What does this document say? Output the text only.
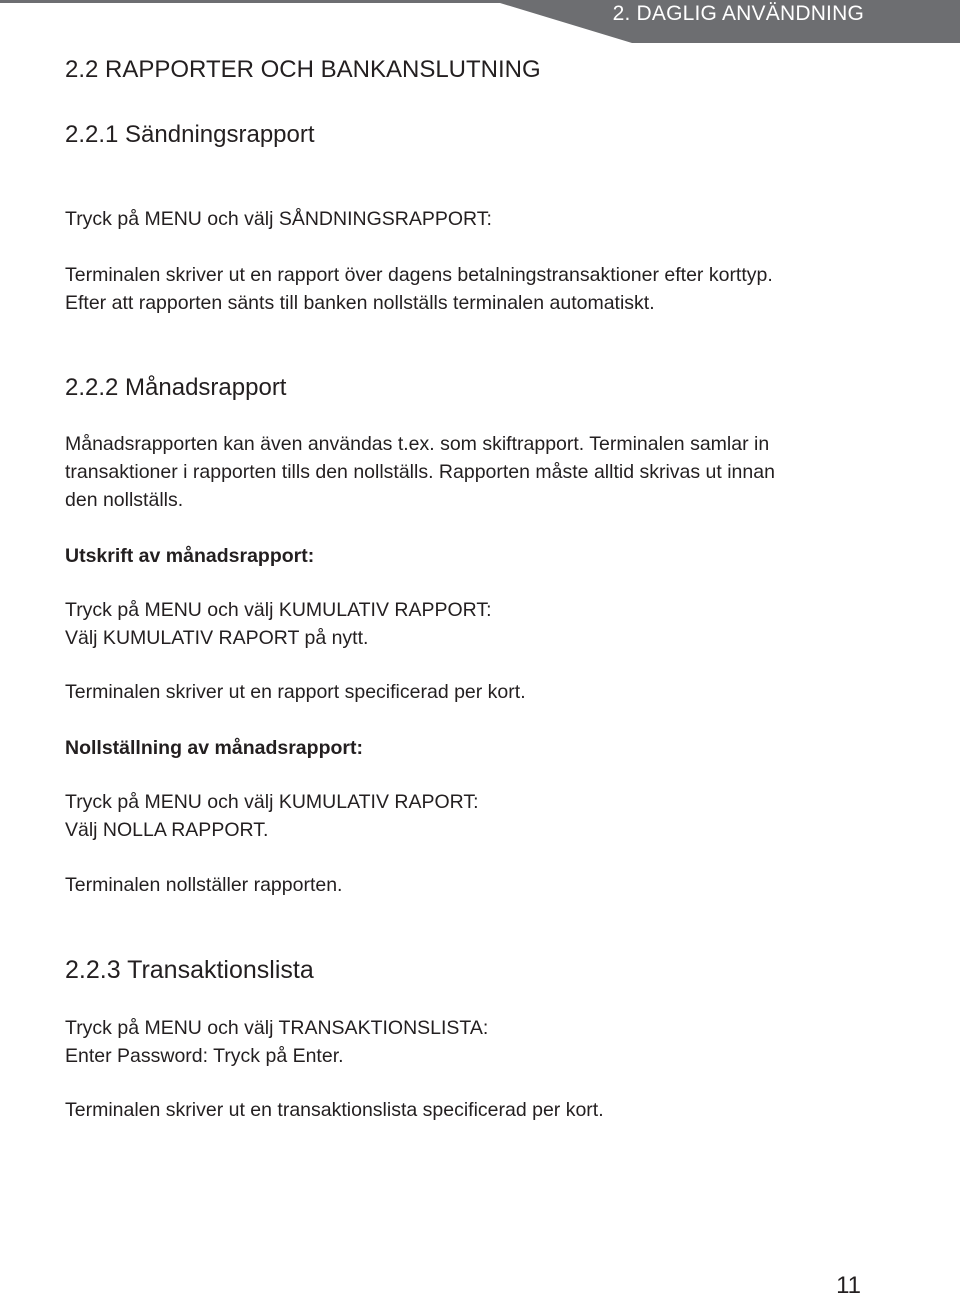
2. DAGLIG ANVÄNDNING
2.2 RAPPORTER OCH BANKANSLUTNING
2.2.1 Sändningsrapport
Tryck på MENU och välj SÅNDNINGSRAPPORT:
Terminalen skriver ut en rapport över dagens betalningstransaktioner efter korttyp.
Efter att rapporten sänts till banken nollställs terminalen automatiskt.
2.2.2 Månadsrapport
Månadsrapporten kan även användas t.ex. som skiftrapport. Terminalen samlar in
transaktioner i rapporten tills den nollställs. Rapporten måste alltid skrivas ut innan
den nollställs.
Utskrift av månadsrapport:
Tryck på MENU och välj KUMULATIV RAPPORT:
Välj KUMULATIV RAPORT på nytt.
Terminalen skriver ut en rapport specificerad per kort.
Nollställning av månadsrapport:
Tryck på MENU och välj KUMULATIV RAPORT:
Välj NOLLA RAPPORT.
Terminalen nollställer rapporten.
2.2.3 Transaktionslista
Tryck på MENU och välj TRANSAKTIONSLISTA:
Enter Password: Tryck på Enter.
Terminalen skriver ut en transaktionslista specificerad per kort.
11
